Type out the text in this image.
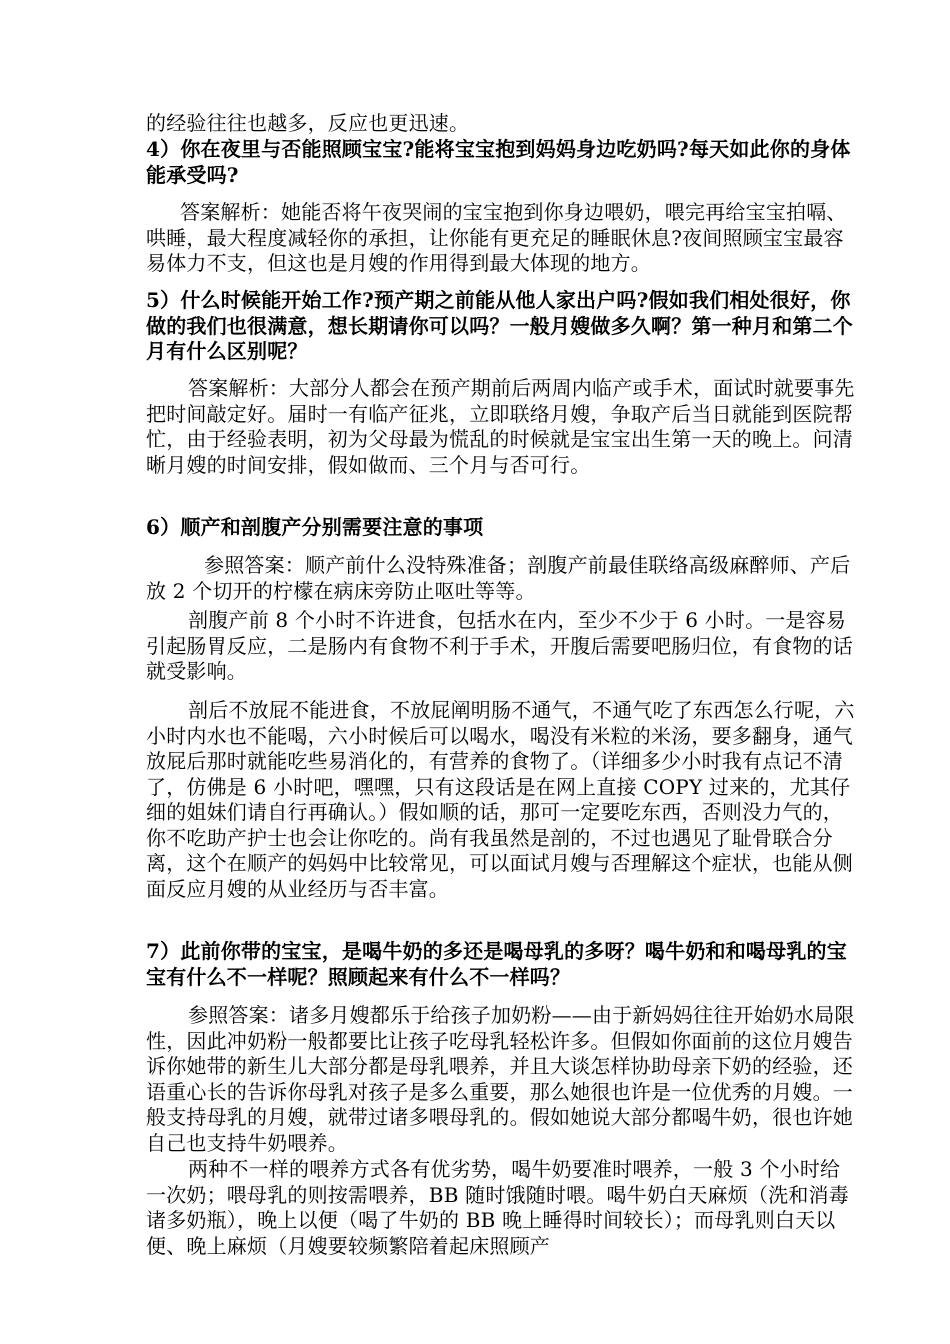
的经验往往也越多，反应也更迅速。

4）你在夜里与否能照顾宝宝?能将宝宝抱到妈妈身边吃奶吗?每天如此你的身体能承受吗?

答案解析：她能否将午夜哭闹的宝宝抱到你身边喂奶，喂完再给宝宝拍嗝、哄睡，最大程度减轻你的承担，让你能有更充足的睡眠休息?夜间照顾宝宝最容易体力不支，但这也是月嫂的作用得到最大体现的地方。

5）什么时候能开始工作?预产期之前能从他人家出户吗?假如我们相处很好，你做的我们也很满意，想长期请你可以吗？一般月嫂做多久啊？第一种月和第二个月有什么区别呢？

答案解析：大部分人都会在预产期前后两周内临产或手术，面试时就要事先把时间敲定好。届时一有临产征兆，立即联络月嫂，争取产后当日就能到医院帮忙，由于经验表明，初为父母最为慌乱的时候就是宝宝出生第一天的晚上。问清晰月嫂的时间安排，假如做而、三个月与否可行。

6）顺产和剖腹产分别需要注意的事项

参照答案：顺产前什么没特殊准备；剖腹产前最佳联络高级麻醉师、产后放 2 个切开的柠檬在病床旁防止呕吐等等。

剖腹产前 8 个小时不许进食，包括水在内，至少不少于 6 小时。一是容易引起肠胃反应，二是肠内有食物不利于手术，开腹后需要吧肠归位，有食物的话就受影响。

剖后不放屁不能进食，不放屁阐明肠不通气，不通气吃了东西怎么行呢，六小时内水也不能喝，六小时候后可以喝水，喝没有米粒的米汤，要多翻身，通气放屁后那时就能吃些易消化的，有营养的食物了。（详细多少小时我有点记不清了，仿佛是 6 小时吧，嘿嘿，只有这段话是在网上直接 COPY 过来的，尤其仔细的姐妹们请自行再确认。）假如顺的话，那可一定要吃东西，否则没力气的，你不吃助产护士也会让你吃的。尚有我虽然是剖的，不过也遇见了耻骨联合分离，这个在顺产的妈妈中比较常见，可以面试月嫂与否理解这个症状，也能从侧面反应月嫂的从业经历与否丰富。

7）此前你带的宝宝，是喝牛奶的多还是喝母乳的多呀？喝牛奶和和喝母乳的宝宝有什么不一样呢？照顾起来有什么不一样吗？

参照答案：诸多月嫂都乐于给孩子加奶粉——由于新妈妈往往开始奶水局限性，因此冲奶粉一般都要比让孩子吃母乳轻松许多。但假如你面前的这位月嫂告诉你她带的新生儿大部分都是母乳喂养，并且大谈怎样协助母亲下奶的经验，还语重心长的告诉你母乳对孩子是多么重要，那么她很也许是一位优秀的月嫂。一般支持母乳的月嫂，就带过诸多喂母乳的。假如她说大部分都喝牛奶，很也许她自己也支持牛奶喂养。

两种不一样的喂养方式各有优劣势，喝牛奶要准时喂养，一般 3 个小时给一次奶；喂母乳的则按需喂养，BB 随时饿随时喂。喝牛奶白天麻烦（洗和消毒诸多奶瓶），晚上以便（喝了牛奶的 BB 晚上睡得时间较长）；而母乳则白天以便、晚上麻烦（月嫂要较频繁陪着起床照顾产
